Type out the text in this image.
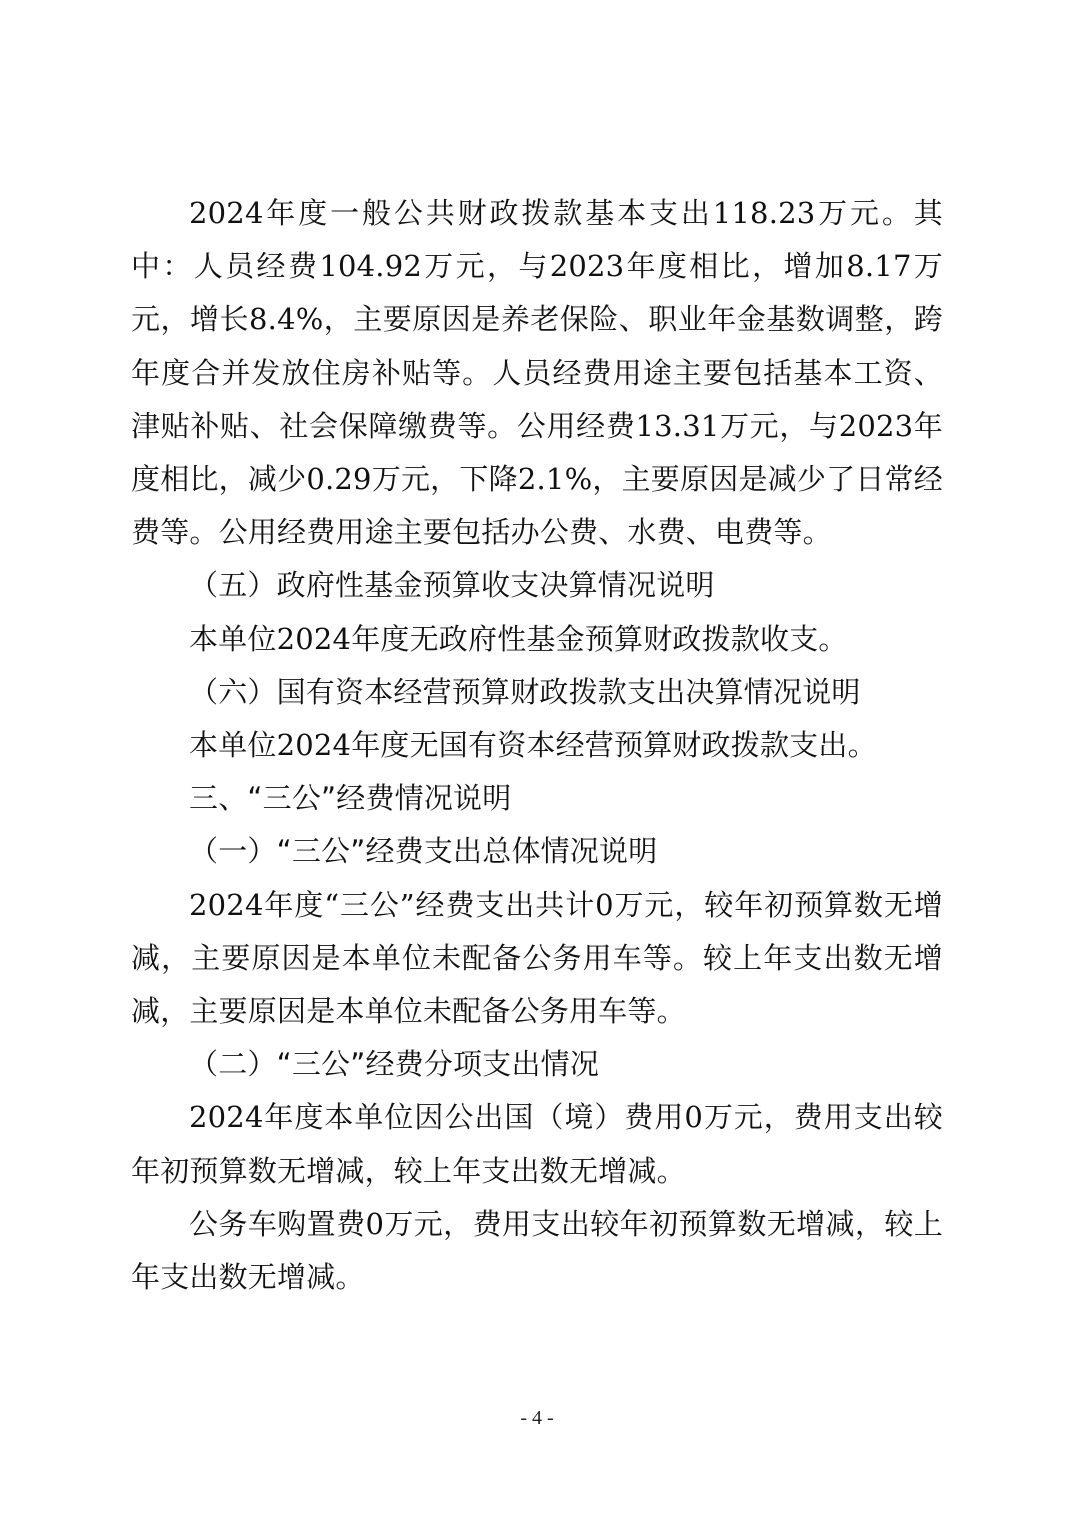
2024年度一般公共财政拨款基本支出118.23万元。其中：人员经费104.92万元，与2023年度相比，增加8.17万元，增长8.4%，主要原因是养老保险、职业年金基数调整，跨年度合并发放住房补贴等。人员经费用途主要包括基本工资、津贴补贴、社会保障缴费等。公用经费13.31万元，与2023年度相比，减少0.29万元，下降2.1%，主要原因是减少了日常经费等。公用经费用途主要包括办公费、水费、电费等。

（五）政府性基金预算收支决算情况说明

本单位2024年度无政府性基金预算财政拨款收支。

（六）国有资本经营预算财政拨款支出决算情况说明

本单位2024年度无国有资本经营预算财政拨款支出。

三、“三公”经费情况说明

（一）“三公”经费支出总体情况说明

2024年度“三公”经费支出共计0万元，较年初预算数无增减，主要原因是本单位未配备公务用车等。较上年支出数无增减，主要原因是本单位未配备公务用车等。

（二）“三公”经费分项支出情况

2024年度本单位因公出国（境）费用0万元，费用支出较年初预算数无增减，较上年支出数无增减。

公务车购置费0万元，费用支出较年初预算数无增减，较上年支出数无增减。

- 4 -
